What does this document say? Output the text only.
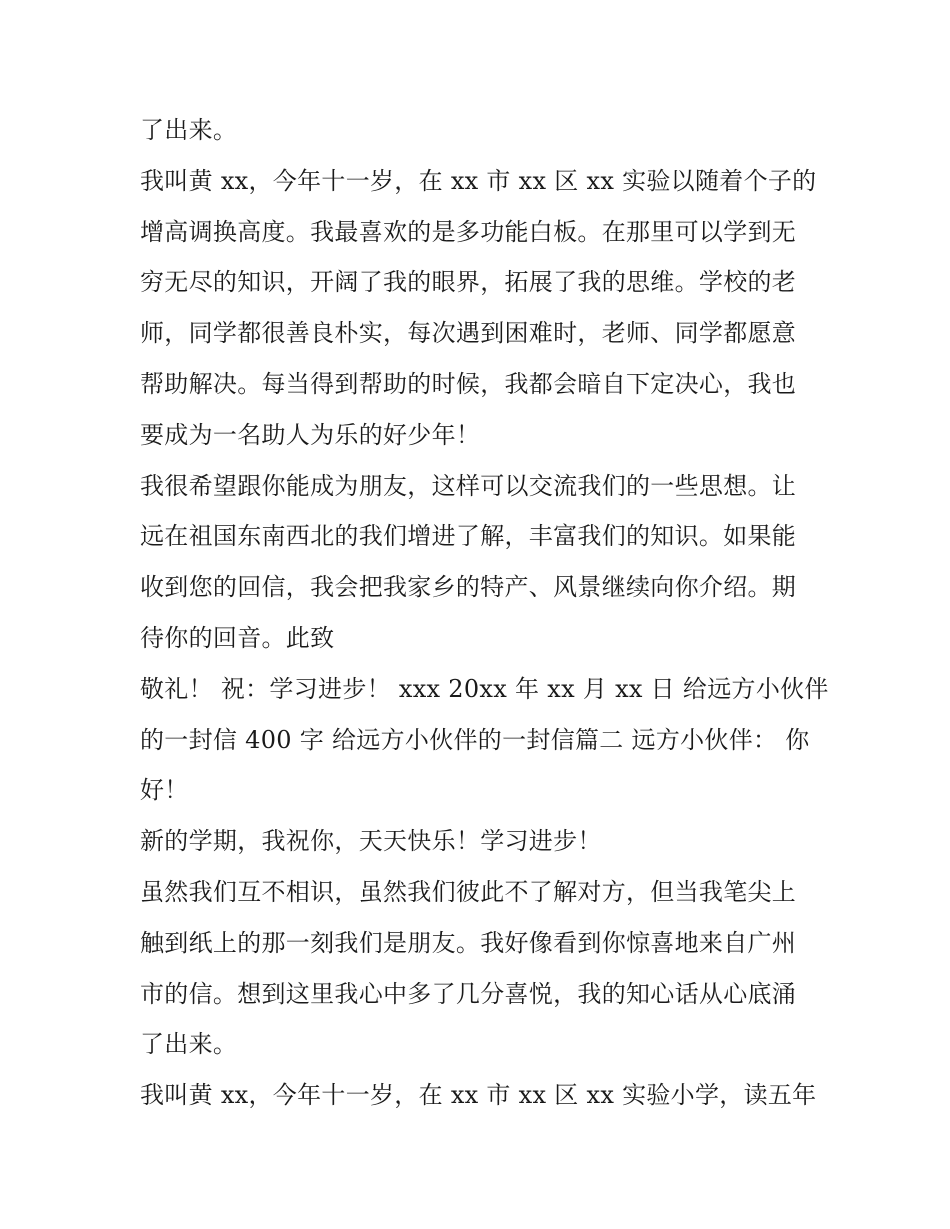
了出来。
我叫黄 xx，今年十一岁，在 xx 市 xx 区 xx 实验以随着个子的
增高调换高度。我最喜欢的是多功能白板。在那里可以学到无
穷无尽的知识，开阔了我的眼界，拓展了我的思维。学校的老
师，同学都很善良朴实，每次遇到困难时，老师、同学都愿意
帮助解决。每当得到帮助的时候，我都会暗自下定决心，我也
要成为一名助人为乐的好少年！
我很希望跟你能成为朋友，这样可以交流我们的一些思想。让
远在祖国东南西北的我们增进了解，丰富我们的知识。如果能
收到您的回信，我会把我家乡的特产、风景继续向你介绍。期
待你的回音。此致
敬礼！ 祝：学习进步！ xxx 20xx 年 xx 月 xx 日 给远方小伙伴
的一封信 400 字 给远方小伙伴的一封信篇二 远方小伙伴： 你
好！
新的学期，我祝你，天天快乐！学习进步！
虽然我们互不相识，虽然我们彼此不了解对方，但当我笔尖上
触到纸上的那一刻我们是朋友。我好像看到你惊喜地来自广州
市的信。想到这里我心中多了几分喜悦，我的知心话从心底涌
了出来。
我叫黄 xx，今年十一岁，在 xx 市 xx 区 xx 实验小学，读五年
